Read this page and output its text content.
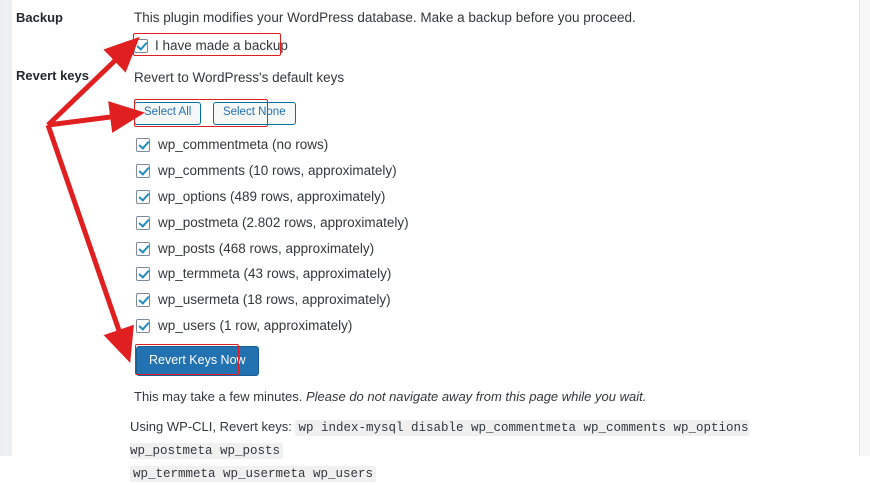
Backup	This plugin modifies your WordPress database. Make a backup before you proceed.
I have made a backup
Revert keys	Revert to WordPress's default keys
Select All	Select None
wp_commentmeta (no rows)
wp_comments (10 rows, approximately)
wp_options (489 rows, approximately)
wp_postmeta (2.802 rows, approximately)
wp_posts (468 rows, approximately)
wp_termmeta (43 rows, approximately)
wp_usermeta (18 rows, approximately)
wp_users (1 row, approximately)
Revert Keys Now
This may take a few minutes. Please do not navigate away from this page while you wait.
Using WP-CLI, Revert keys: wp index-mysql disable wp_commentmeta wp_comments wp_options wp_postmeta wp_posts
wp_termmeta wp_usermeta wp_users
